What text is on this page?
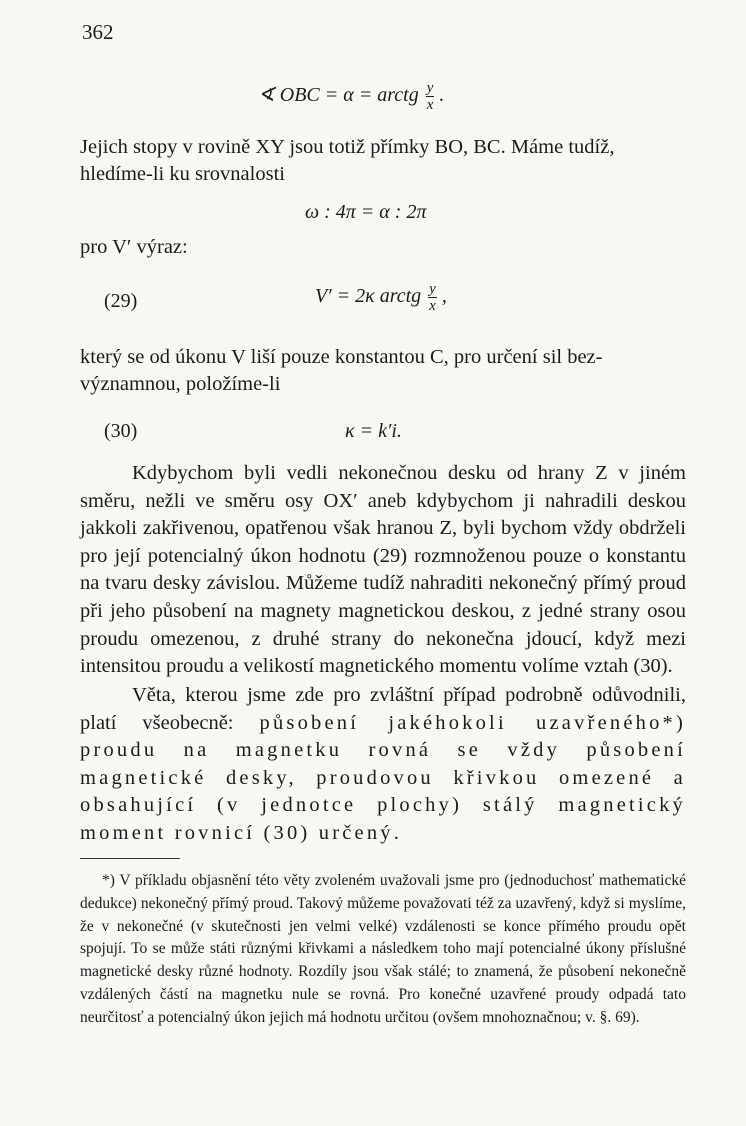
362
∢ OBC = α = arctg $\frac{y}{x}$ .
Jejich stopy v rovině XY jsou totiž přímky BO, BC. Máme tudíž,
hledíme-li ku srovnalosti
ω : 4π = α : 2π
pro V′ výraz:
(29)	V′ = 2κ arctg $\frac{y}{x}$ ,
který se od úkonu V liší pouze konstantou C, pro určení sil bez-
významnou, položíme-li
(30)	κ = k′i.

Kdybychom byli vedli nekonečnou desku od hrany Z v jiném směru, nežli ve směru osy OX′ aneb kdybychom ji nahradili deskou jakkoli zakřivenou, opatřenou však hranou Z, byli bychom vždy obdrželi pro její potencialný úkon hodnotu (29) rozmnoženou pouze o konstantu na tvaru desky závislou. Můžeme tudíž nahraditi nekonečný přímý proud při jeho působení na magnety magnetickou deskou, z jedné strany osou proudu omezenou, z druhé strany do nekonečna jdoucí, když mezi intensitou proudu a velikostí magnetického momentu volíme vztah (30).

Věta, kterou jsme zde pro zvláštní případ podrobně odůvodnili, platí všeobecně: působení jakéhokoli uzavřeného*) proudu na magnetku rovná se vždy působení magnetické desky, proudovou křivkou omezené a obsahující (v jednotce plochy) stálý magnetický moment rovnicí (30) určený.

*) V příkladu objasnění této věty zvoleném uvažovali jsme pro (jednoduchosť mathematické dedukce) nekonečný přímý proud. Takový můžeme považovati též za uzavřený, když si myslíme, že v nekonečné (v skutečnosti jen velmi velké) vzdálenosti se konce přímého proudu opět spojují. To se může státi různými křivkami a následkem toho mají potencialné úkony příslušné magnetické desky různé hodnoty. Rozdíly jsou však stálé; to znamená, že působení nekonečně vzdálených částí na magnetku nule se rovná. Pro konečné uzavřené proudy odpadá tato neurčitosť a potencialný úkon jejich má hodnotu určitou (ovšem mnohoznačnou; v. §. 69).
